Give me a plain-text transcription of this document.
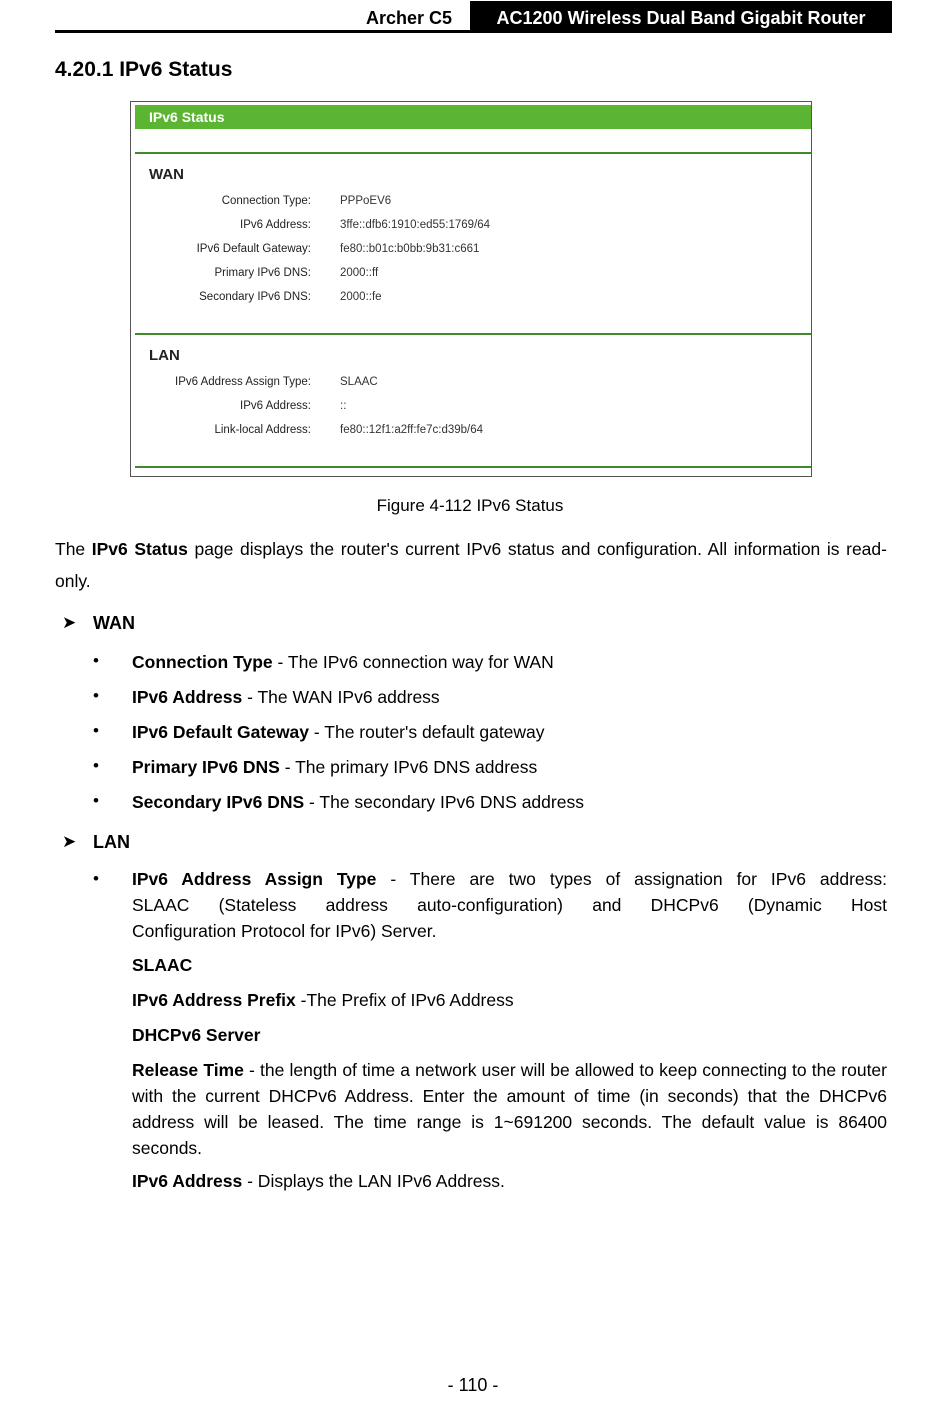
Archer C5	AC1200 Wireless Dual Band Gigabit Router
4.20.1 IPv6 Status
IPv6 Status
WAN
Connection Type:	PPPoEV6
IPv6 Address:	3ffe::dfb6:1910:ed55:1769/64
IPv6 Default Gateway:	fe80::b01c:b0bb:9b31:c661
Primary IPv6 DNS:	2000::ff
Secondary IPv6 DNS:	2000::fe
LAN
IPv6 Address Assign Type:	SLAAC
IPv6 Address:	::
Link-local Address:	fe80::12f1:a2ff:fe7c:d39b/64
Figure 4-112 IPv6 Status
The IPv6 Status page displays the router's current IPv6 status and configuration. All information is read-only.
➤ WAN
• Connection Type - The IPv6 connection way for WAN
• IPv6 Address - The WAN IPv6 address
• IPv6 Default Gateway - The router's default gateway
• Primary IPv6 DNS - The primary IPv6 DNS address
• Secondary IPv6 DNS - The secondary IPv6 DNS address
➤ LAN
• IPv6 Address Assign Type - There are two types of assignation for IPv6 address:
SLAAC (Stateless address auto-configuration) and DHCPv6 (Dynamic Host
Configuration Protocol for IPv6) Server.
SLAAC
IPv6 Address Prefix -The Prefix of IPv6 Address
DHCPv6 Server
Release Time - the length of time a network user will be allowed to keep connecting to the router with the current DHCPv6 Address. Enter the amount of time (in seconds) that the DHCPv6 address will be leased. The time range is 1~691200 seconds. The default value is 86400 seconds.
IPv6 Address - Displays the LAN IPv6 Address.
- 110 -
